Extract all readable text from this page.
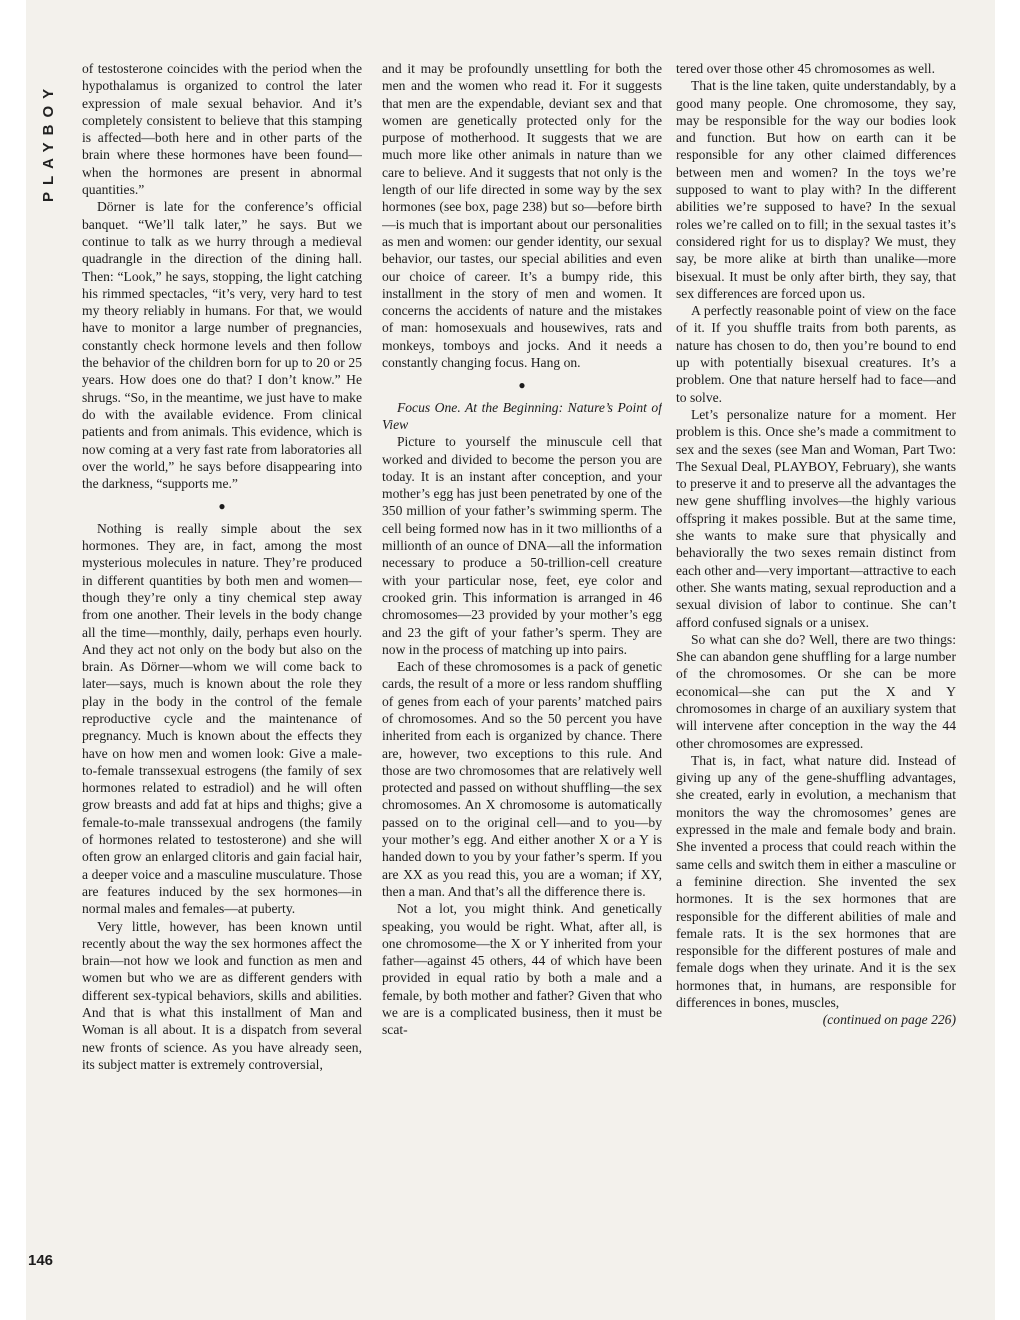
PLAYBOY

of testosterone coincides with the period when the hypothalamus is organized to control the later expression of male sexual behavior. And it’s completely consistent to believe that this stamping is affected—both here and in other parts of the brain where these hormones have been found—when the hormones are present in abnormal quantities.”

Dörner is late for the conference’s official banquet. “We’ll talk later,” he says. But we continue to talk as we hurry through a medieval quadrangle in the direction of the dining hall. Then: “Look,” he says, stopping, the light catching his rimmed spectacles, “it’s very, very hard to test my theory reliably in humans. For that, we would have to monitor a large number of pregnancies, constantly check hormone levels and then follow the behavior of the children born for up to 20 or 25 years. How does one do that? I don’t know.” He shrugs. “So, in the meantime, we just have to make do with the available evidence. From clinical patients and from animals. This evidence, which is now coming at a very fast rate from laboratories all over the world,” he says before disappearing into the darkness, “supports me.”

●

Nothing is really simple about the sex hormones. They are, in fact, among the most mysterious molecules in nature. They’re produced in different quantities by both men and women—though they’re only a tiny chemical step away from one another. Their levels in the body change all the time—monthly, daily, perhaps even hourly. And they act not only on the body but also on the brain. As Dörner—whom we will come back to later—says, much is known about the role they play in the body in the control of the female reproductive cycle and the maintenance of pregnancy. Much is known about the effects they have on how men and women look: Give a male-to-female transsexual estrogens (the family of sex hormones related to estradiol) and he will often grow breasts and add fat at hips and thighs; give a female-to-male transsexual androgens (the family of hormones related to testosterone) and she will often grow an enlarged clitoris and gain facial hair, a deeper voice and a masculine musculature. Those are features induced by the sex hormones—in normal males and females—at puberty.

Very little, however, has been known until recently about the way the sex hormones affect the brain—not how we look and function as men and women but who we are as different genders with different sex-typical behaviors, skills and abilities. And that is what this installment of Man and Woman is all about. It is a dispatch from several new fronts of science. As you have already seen, its subject matter is extremely controversial,

and it may be profoundly unsettling for both the men and the women who read it. For it suggests that men are the expendable, deviant sex and that women are genetically protected only for the purpose of motherhood. It suggests that we are much more like other animals in nature than we care to believe. And it suggests that not only is the length of our life directed in some way by the sex hormones (see box, page 238) but so—before birth—is much that is important about our personalities as men and women: our gender identity, our sexual behavior, our tastes, our special abilities and even our choice of career. It’s a bumpy ride, this installment in the story of men and women. It concerns the accidents of nature and the mistakes of man: homosexuals and housewives, rats and monkeys, tomboys and jocks. And it needs a constantly changing focus. Hang on.

●

Focus One. At the Beginning: Nature’s Point of View

Picture to yourself the minuscule cell that worked and divided to become the person you are today. It is an instant after conception, and your mother’s egg has just been penetrated by one of the 350 million of your father’s swimming sperm. The cell being formed now has in it two millionths of a millionth of an ounce of DNA—all the information necessary to produce a 50-trillion-cell creature with your particular nose, feet, eye color and crooked grin. This information is arranged in 46 chromosomes—23 provided by your mother’s egg and 23 the gift of your father’s sperm. They are now in the process of matching up into pairs.

Each of these chromosomes is a pack of genetic cards, the result of a more or less random shuffling of genes from each of your parents’ matched pairs of chromosomes. And so the 50 percent you have inherited from each is organized by chance. There are, however, two exceptions to this rule. And those are two chromosomes that are relatively well protected and passed on without shuffling—the sex chromosomes. An X chromosome is automatically passed on to the original cell—and to you—by your mother’s egg. And either another X or a Y is handed down to you by your father’s sperm. If you are XX as you read this, you are a woman; if XY, then a man. And that’s all the difference there is.

Not a lot, you might think. And genetically speaking, you would be right. What, after all, is one chromosome—the X or Y inherited from your father—against 45 others, 44 of which have been provided in equal ratio by both a male and a female, by both mother and father? Given that who we are is a complicated business, then it must be scat-

tered over those other 45 chromosomes as well.

That is the line taken, quite understandably, by a good many people. One chromosome, they say, may be responsible for the way our bodies look and function. But how on earth can it be responsible for any other claimed differences between men and women? In the toys we’re supposed to want to play with? In the different abilities we’re supposed to have? In the sexual roles we’re called on to fill; in the sexual tastes it’s considered right for us to display? We must, they say, be more alike at birth than unalike—more bisexual. It must be only after birth, they say, that sex differences are forced upon us.

A perfectly reasonable point of view on the face of it. If you shuffle traits from both parents, as nature has chosen to do, then you’re bound to end up with potentially bisexual creatures. It’s a problem. One that nature herself had to face—and to solve.

Let’s personalize nature for a moment. Her problem is this. Once she’s made a commitment to sex and the sexes (see Man and Woman, Part Two: The Sexual Deal, PLAYBOY, February), she wants to preserve it and to preserve all the advantages the new gene shuffling involves—the highly various offspring it makes possible. But at the same time, she wants to make sure that physically and behaviorally the two sexes remain distinct from each other and—very important—attractive to each other. She wants mating, sexual reproduction and a sexual division of labor to continue. She can’t afford confused signals or a unisex.

So what can she do? Well, there are two things: She can abandon gene shuffling for a large number of the chromosomes. Or she can be more economical—she can put the X and Y chromosomes in charge of an auxiliary system that will intervene after conception in the way the 44 other chromosomes are expressed.

That is, in fact, what nature did. Instead of giving up any of the gene-shuffling advantages, she created, early in evolution, a mechanism that monitors the way the chromosomes’ genes are expressed in the male and female body and brain. She invented a process that could reach within the same cells and switch them in either a masculine or a feminine direction. She invented the sex hormones. It is the sex hormones that are responsible for the different abilities of male and female rats. It is the sex hormones that are responsible for the different postures of male and female dogs when they urinate. And it is the sex hormones that, in humans, are responsible for differences in bones, muscles,

(continued on page 226)

146
